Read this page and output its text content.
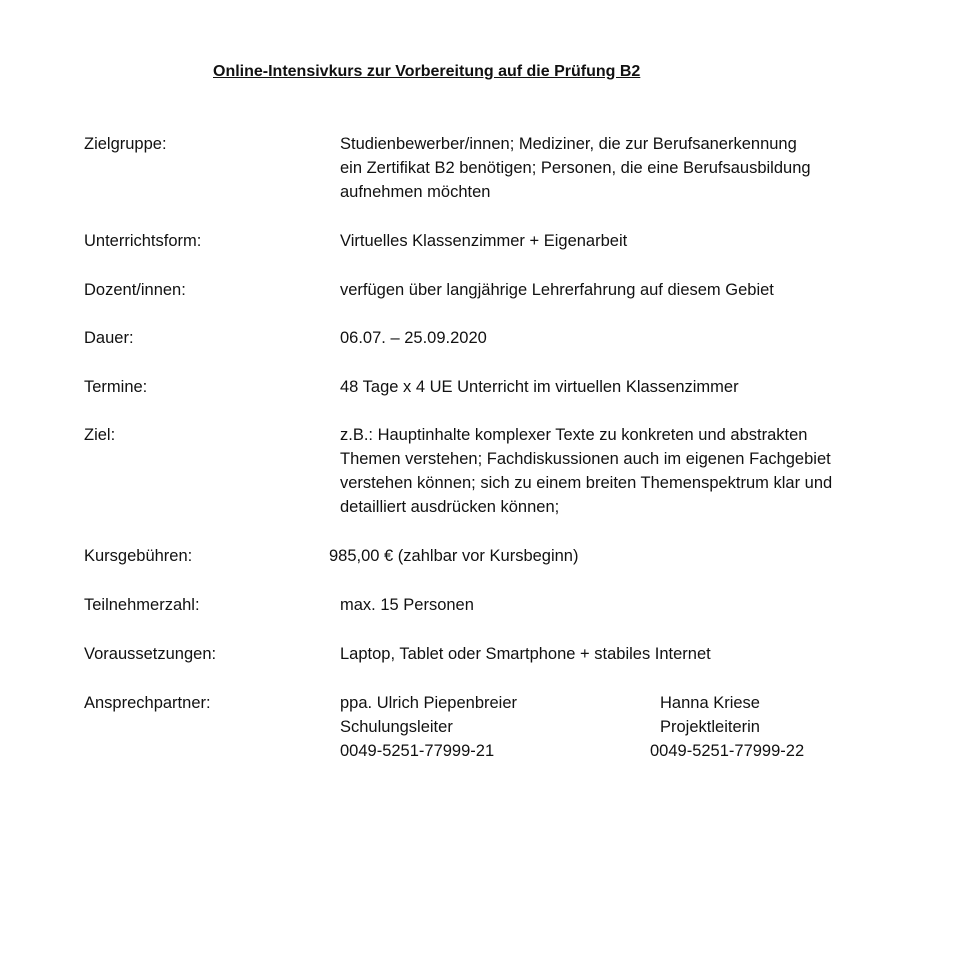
Online-Intensivkurs zur Vorbereitung auf die Prüfung B2
Zielgruppe:	Studienbewerber/innen; Mediziner, die zur Berufsanerkennung
ein Zertifikat B2 benötigen; Personen, die eine Berufsausbildung
aufnehmen möchten
Unterrichtsform:	Virtuelles Klassenzimmer + Eigenarbeit
Dozent/innen:	verfügen über langjährige Lehrerfahrung auf diesem Gebiet
Dauer:	06.07. – 25.09.2020
Termine:	48 Tage x 4 UE Unterricht im virtuellen Klassenzimmer
Ziel:	z.B.: Hauptinhalte komplexer Texte zu konkreten und abstrakten
Themen verstehen; Fachdiskussionen auch im eigenen Fachgebiet
verstehen können; sich zu einem breiten Themenspektrum klar und
detailliert ausdrücken können;
Kursgebühren:	985,00 € (zahlbar vor Kursbeginn)
Teilnehmerzahl:	max. 15 Personen
Voraussetzungen:	Laptop, Tablet oder Smartphone + stabiles Internet
Ansprechpartner:	ppa. Ulrich Piepenbreier
Schulungsleiter
0049-5251-77999-21
Hanna Kriese
Projektleiterin
0049-5251-77999-22
